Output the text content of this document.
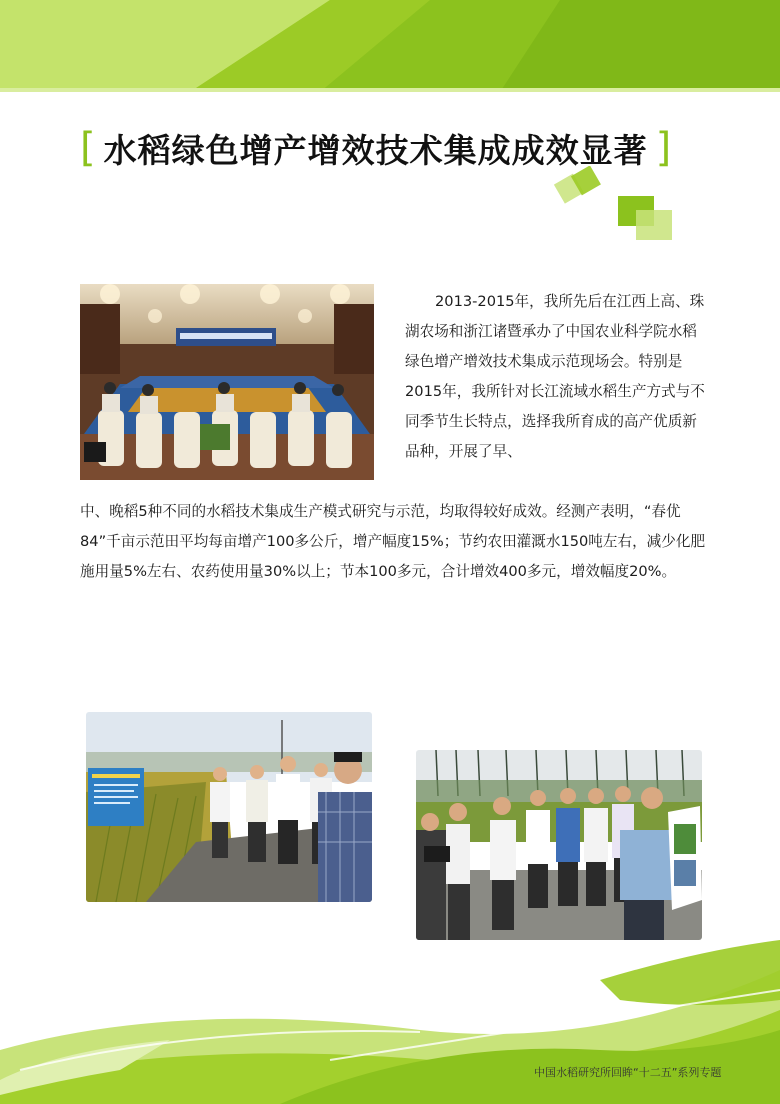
[ 水稻绿色增产增效技术集成成效显著 ]

2013-2015年，我所先后在江西上高、珠湖农场和浙江诸暨承办了中国农业科学院水稻绿色增产增效技术集成示范现场会。特别是2015年，我所针对长江流域水稻生产方式与不同季节生长特点，选择我所育成的高产优质新品种，开展了早、

中、晚稻5种不同的水稻技术集成生产模式研究与示范，均取得较好成效。经测产表明，“春优84”千亩示范田平均每亩增产100多公斤，增产幅度15%；节约农田灌溉水150吨左右，减少化肥施用量5%左右、农药使用量30%以上；节本100多元，合计增效400多元，增效幅度20%。

中国水稻研究所回眸“十二五”系列专题
